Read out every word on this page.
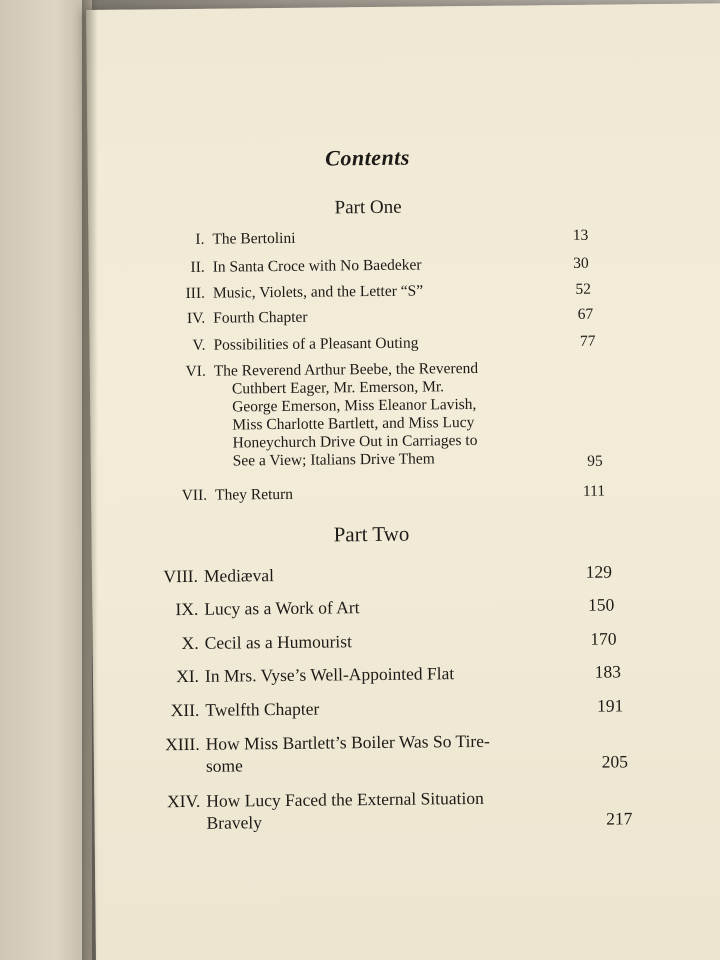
Contents
Part One
I. The Bertolini	13
II. In Santa Croce with No Baedeker	30
III. Music, Violets, and the Letter “S”	52
IV. Fourth Chapter	67
V. Possibilities of a Pleasant Outing	77
VI. The Reverend Arthur Beebe, the Reverend
Cuthbert Eager, Mr. Emerson, Mr.
George Emerson, Miss Eleanor Lavish,
Miss Charlotte Bartlett, and Miss Lucy
Honeychurch Drive Out in Carriages to
See a View; Italians Drive Them	95
VII. They Return	111
Part Two
VIII. Mediæval	129
IX. Lucy as a Work of Art	150
X. Cecil as a Humourist	170
XI. In Mrs. Vyse’s Well-Appointed Flat	183
XII. Twelfth Chapter	191
XIII. How Miss Bartlett’s Boiler Was So Tire-
some	205
XIV. How Lucy Faced the External Situation
Bravely	217
